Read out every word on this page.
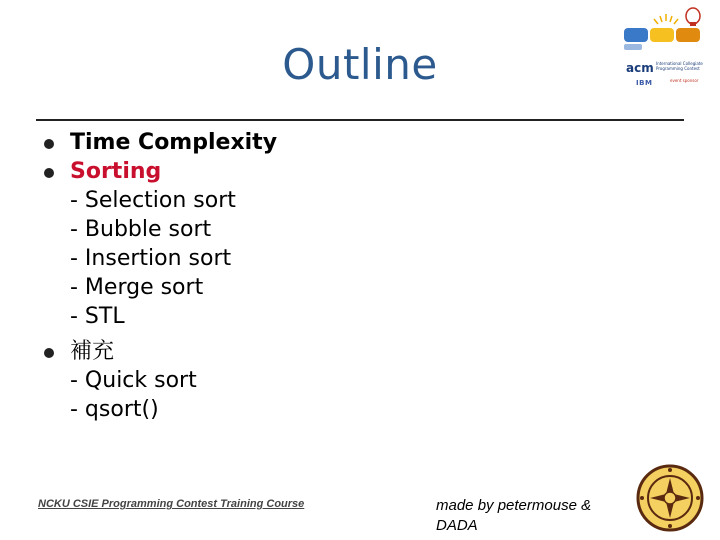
Outline	acm International Collegiate Programming Contest
IBM	event sponsor
Time Complexity
Sorting
- Selection sort
- Bubble sort
- Insertion sort
- Merge sort
- STL
補充
- Quick sort
- qsort()
NCKU CSIE Programming Contest Training Course	made by petermouse & DADA
